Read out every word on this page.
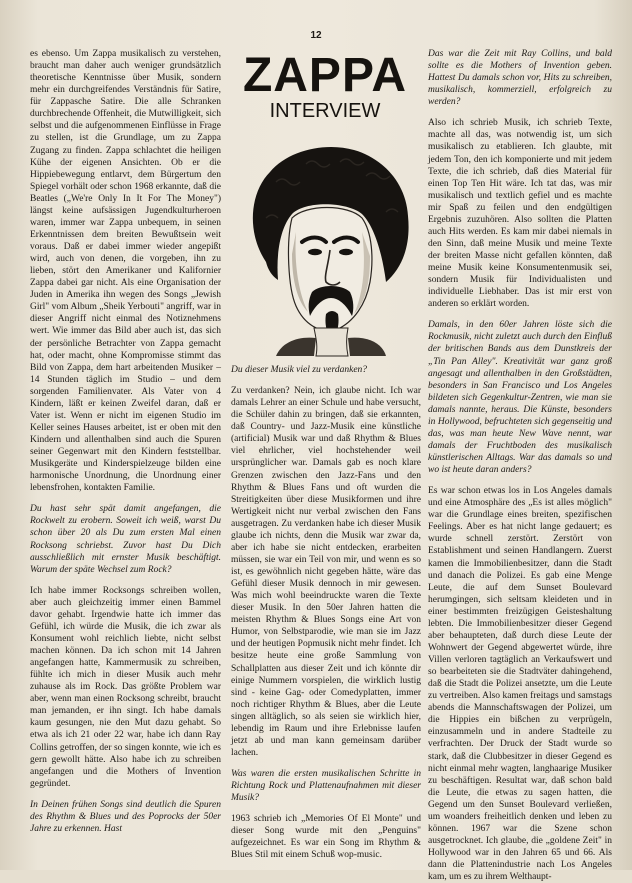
12

es ebenso. Um Zappa musikalisch zu verstehen, braucht man daher auch weniger grundsätzlich theoretische Kenntnisse über Musik, sondern mehr ein durchgreifendes Verständnis für Satire, für Zappasche Satire. Die alle Schranken durchbrechende Offenheit, die Mutwilligkeit, sich selbst und die aufgenommenen Einflüsse in Frage zu stellen, ist die Grundlage, um zu Zappa Zugang zu finden. Zappa schlachtet die heiligen Kühe der eigenen Ansichten. Ob er die Hippiebewegung entlarvt, dem Bürgertum den Spiegel vorhält oder schon 1968 erkannte, daß die Beatles („We're Only In It For The Money") längst keine aufsässigen Jugendkulturheroen waren, immer war Zappa unbequem, in seinen Erkenntnissen dem breiten Bewußtsein weit voraus. Daß er dabei immer wieder angepißt wird, auch von denen, die vorgeben, ihn zu lieben, stört den Amerikaner und Kalifornier Zappa dabei gar nicht. Als eine Organisation der Juden in Amerika ihn wegen des Songs „Jewish Girl" vom Album „Sheik Yerbouti" angriff, war in dieser Angriff nicht einmal des Notiznehmens wert. Wie immer das Bild aber auch ist, das sich der persönliche Betrachter von Zappa gemacht hat, oder macht, ohne Kompromisse stimmt das Bild von Zappa, dem hart arbeitenden Musiker – 14 Stunden täglich im Studio – und dem sorgenden Familienvater. Als Vater von 4 Kindern, läßt er keinen Zweifel daran, daß er Vater ist. Wenn er nicht im eigenen Studio im Keller seines Hauses arbeitet, ist er oben mit den Kindern und allenthalben sind auch die Spuren seiner Gegenwart mit den Kindern feststellbar. Musikgeräte und Kinderspielzeuge bilden eine harmonische Unordnung, die Unordnung einer lebensfrohen, kontakten Familie.

Du hast sehr spät damit angefangen, die Rockwelt zu erobern. Soweit ich weiß, warst Du schon über 20 als Du zum ersten Mal einen Rocksong schriebst. Zuvor hast Du Dich ausschließlich mit ernster Musik beschäftigt. Warum der späte Wechsel zum Rock?

Ich habe immer Rocksongs schreiben wollen, aber auch gleichzeitig immer einen Bammel davor gehabt. Irgendwie hatte ich immer das Gefühl, ich würde die Musik, die ich zwar als Konsument wohl reichlich liebte, nicht selbst machen können. Da ich schon mit 14 Jahren angefangen hatte, Kammermusik zu schreiben, fühlte ich mich in dieser Musik auch mehr zuhause als im Rock. Das größte Problem war aber, wenn man einen Rocksong schreibt, braucht man jemanden, er ihn singt. Ich habe damals kaum gesungen, nie den Mut dazu gehabt. So etwa als ich 21 oder 22 war, habe ich dann Ray Collins getroffen, der so singen konnte, wie ich es gern gewollt hätte. Also habe ich zu schreiben angefangen und die Mothers of Invention gegründet.

In Deinen frühen Songs sind deutlich die Spuren des Rhythm & Blues und des Poprocks der 50er Jahre zu erkennen. Hast

ZAPPA
INTERVIEW

Du dieser Musik viel zu verdanken?

Zu verdanken? Nein, ich glaube nicht. Ich war damals Lehrer an einer Schule und habe versucht, die Schüler dahin zu bringen, daß sie erkannten, daß Country- und Jazz-Musik eine künstliche (artificial) Musik war und daß Rhythm & Blues viel ehrlicher, viel hochstehender weil ursprünglicher war. Damals gab es noch klare Grenzen zwischen den Jazz-Fans und den Rhythm & Blues Fans und oft wurden die Streitigkeiten über diese Musikformen und ihre Wertigkeit nicht nur verbal zwischen den Fans ausgetragen. Zu verdanken habe ich dieser Musik glaube ich nichts, denn die Musik war zwar da, aber ich habe sie nicht entdecken, erarbeiten müssen, sie war ein Teil von mir, und wenn es so ist, es gewöhnlich nicht gegeben hätte, wäre das Gefühl dieser Musik dennoch in mir gewesen. Was mich wohl beeindruckte waren die Texte dieser Musik. In den 50er Jahren hatten die meisten Rhythm & Blues Songs eine Art von Humor, von Selbstparodie, wie man sie im Jazz und der heutigen Popmusik nicht mehr findet. Ich besitze heute eine große Sammlung von Schallplatten aus dieser Zeit und ich könnte dir einige Nummern vorspielen, die wirklich lustig sind - keine Gag- oder Comedyplatten, immer noch richtiger Rhythm & Blues, aber die Leute singen alltäglich, so als seien sie wirklich hier, lebendig im Raum und ihre Erlebnisse laufen jetzt ab und man kann gemeinsam darüber lachen.

Was waren die ersten musikalischen Schritte in Richtung Rock und Plattenaufnahmen mit dieser Musik?

1963 schrieb ich „Memories Of El Monte" und dieser Song wurde mit den „Penguins" aufgezeichnet. Es war ein Song im Rhythm & Blues Stil mit einem Schuß wop-music.

Das war die Zeit mit Ray Collins, und bald sollte es die Mothers of Invention geben. Hattest Du damals schon vor, Hits zu schreiben, musikalisch, kommerziell, erfolgreich zu werden?

Also ich schrieb Musik, ich schrieb Texte, machte all das, was notwendig ist, um sich musikalisch zu etablieren. Ich glaubte, mit jedem Ton, den ich komponierte und mit jedem Texte, die ich schrieb, daß dies Material für einen Top Ten Hit wäre. Ich tat das, was mir musikalisch und textlich gefiel und es machte mir Spaß zu feilen und den endgültigen Ergebnis zuzuhören. Also sollten die Platten auch Hits werden. Es kam mir dabei niemals in den Sinn, daß meine Musik und meine Texte der breiten Masse nicht gefallen könnten, daß meine Musik keine Konsumentenmusik sei, sondern Musik für Individualisten und individuelle Liebhaber. Das ist mir erst von anderen so erklärt worden.

Damals, in den 60er Jahren löste sich die Rockmusik, nicht zuletzt auch durch den Einfluß der britischen Bands aus dem Dunstkreis der „Tin Pan Alley". Kreativität war ganz groß angesagt und allenthalben in den Großstädten, besonders in San Francisco und Los Angeles bildeten sich Gegenkultur-Zentren, wie man sie damals nannte, heraus. Die Künste, besonders in Hollywood, befruchteten sich gegenseitig und das, was man heute New Wave nennt, war damals der Fruchtboden des musikalisch künstlerischen Alltags. War das damals so und wo ist heute daran anders?

Es war schon etwas los in Los Angeles damals und eine Atmosphäre des „Es ist alles möglich" war die Grundlage eines breiten, spezifischen Feelings. Aber es hat nicht lange gedauert; es wurde schnell zerstört. Zerstört von Establishment und seinen Handlangern. Zuerst kamen die Immobilienbesitzer, dann die Stadt und danach die Polizei. Es gab eine Menge Leute, die auf dem Sunset Boulevard herumgingen, sich seltsam kleideten und in einer bestimmten freizügigen Geisteshaltung lebten. Die Immobilienbesitzer dieser Gegend aber behaupteten, daß durch diese Leute der Wohnwert der Gegend abgewertet würde, ihre Villen verloren tagtäglich an Verkaufswert und so bearbeiteten sie die Stadtväter dahingehend, daß die Stadt die Polizei ansetzte, um die Leute zu vertreiben. Also kamen freitags und samstags abends die Mannschaftswagen der Polizei, um die Hippies ein bißchen zu verprügeln, einzusammeln und in andere Stadteile zu verfrachten. Der Druck der Stadt wurde so stark, daß die Clubbesitzer in dieser Gegend es nicht einmal mehr wagten, langhaarige Musiker zu beschäftigen. Resultat war, daß schon bald die Leute, die etwas zu sagen hatten, die Gegend um den Sunset Boulevard verließen, um woanders freiheitlich denken und leben zu können. 1967 war die Szene schon ausgetrocknet. Ich glaube, die „goldene Zeit" in Hollywood war in den Jahren 65 und 66. Als dann die Plattenindustrie nach Los Angeles kam, um es zu ihrem Welthaupt-
